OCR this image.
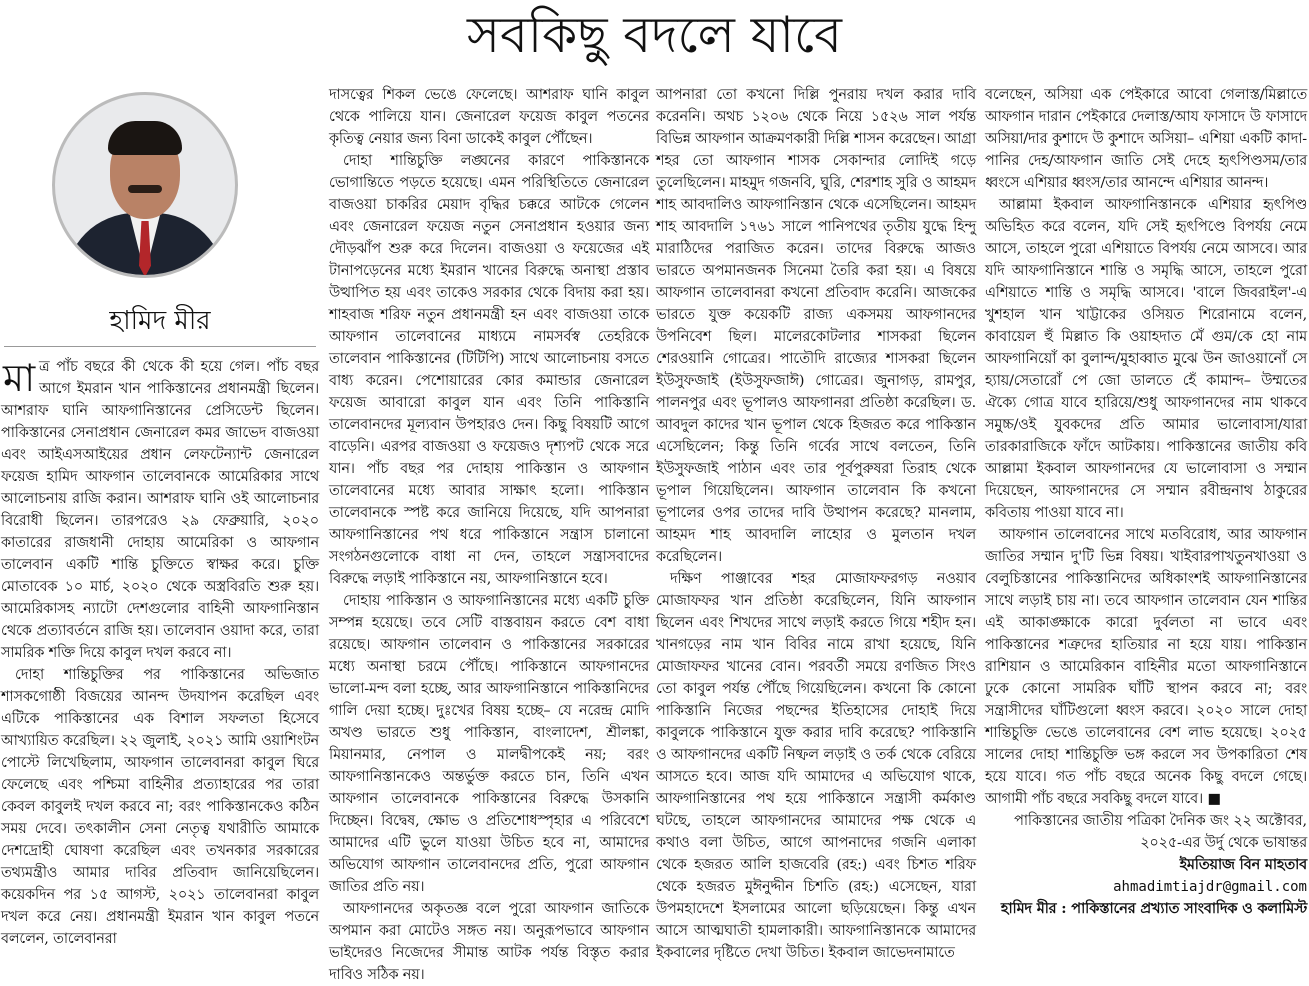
সবকিছু বদলে যাবে
হামিদ মীর

মাত্র পাঁচ বছরে কী থেকে কী হয়ে গেল। পাঁচ বছর আগে ইমরান খান পাকিস্তানের প্রধানমন্ত্রী ছিলেন। আশরাফ ঘানি আফগানিস্তানের প্রেসিডেন্ট ছিলেন। পাকিস্তানের সেনাপ্রধান জেনারেল কমর জাভেদ বাজওয়া এবং আইএসআইয়ের প্রধান লেফটেন্যান্ট জেনারেল ফয়েজ হামিদ আফগান তালেবানকে আমেরিকার সাথে আলোচনায় রাজি করান। আশরাফ ঘানি ওই আলোচনার বিরোধী ছিলেন। তারপরেও ২৯ ফেব্রুয়ারি, ২০২০ কাতারের রাজধানী দোহায় আমেরিকা ও আফগান তালেবান একটি শান্তি চুক্তিতে স্বাক্ষর করে। চুক্তি মোতাবেক ১০ মার্চ, ২০২০ থেকে অস্ত্রবিরতি শুরু হয়। আমেরিকাসহ ন্যাটো দেশগুলোর বাহিনী আফগানিস্তান থেকে প্রত্যাবর্তনে রাজি হয়। তালেবান ওয়াদা করে, তারা সামরিক শক্তি দিয়ে কাবুল দখল করবে না।

দোহা শান্তিচুক্তির পর পাকিস্তানের অভিজাত শাসকগোষ্ঠী বিজয়ের আনন্দ উদযাপন করেছিল এবং এটিকে পাকিস্তানের এক বিশাল সফলতা হিসেবে আখ্যায়িত করেছিল। ২২ জুলাই, ২০২১ আমি ওয়াশিংটন পোস্টে লিখেছিলাম, আফগান তালেবানরা কাবুল ঘিরে ফেলেছে এবং পশ্চিমা বাহিনীর প্রত্যাহারের পর তারা কেবল কাবুলই দখল করবে না; বরং পাকিস্তানকেও কঠিন সময় দেবে। তৎকালীন সেনা নেতৃত্ব যথারীতি আমাকে দেশদ্রোহী ঘোষণা করেছিল এবং তখনকার সরকারের তথ্যমন্ত্রীও আমার দাবির প্রতিবাদ জানিয়েছিলেন। কয়েকদিন পর ১৫ আগস্ট, ২০২১ তালেবানরা কাবুল দখল করে নেয়। প্রধানমন্ত্রী ইমরান খান কাবুল পতনে বললেন, তালেবানরা

দাসত্বের শিকল ভেঙে ফেলেছে। আশরাফ ঘানি কাবুল থেকে পালিয়ে যান। জেনারেল ফয়েজ কাবুল পতনের কৃতিত্ব নেয়ার জন্য বিনা ডাকেই কাবুল পৌঁছেন।

দোহা শান্তিচুক্তি লঙ্ঘনের কারণে পাকিস্তানকে ভোগান্তিতে পড়তে হয়েছে। এমন পরিস্থিতিতে জেনারেল বাজওয়া চাকরির মেয়াদ বৃদ্ধির চক্করে আটকে গেলেন এবং জেনারেল ফয়েজ নতুন সেনাপ্রধান হওয়ার জন্য দৌড়ঝাঁপ শুরু করে দিলেন। বাজওয়া ও ফয়েজের এই টানাপড়েনের মধ্যে ইমরান খানের বিরুদ্ধে অনাস্থা প্রস্তাব উত্থাপিত হয় এবং তাকেও সরকার থেকে বিদায় করা হয়। শাহবাজ শরিফ নতুন প্রধানমন্ত্রী হন এবং বাজওয়া তাকে আফগান তালেবানের মাধ্যমে নামসর্বস্ব তেহরিকে তালেবান পাকিস্তানের (টিটিপি) সাথে আলোচনায় বসতে বাধ্য করেন। পেশোয়ারের কোর কমান্ডার জেনারেল ফয়েজ আবারো কাবুল যান এবং তিনি পাকিস্তানি তালেবানদের মূল্যবান উপহারও দেন। কিছু বিষয়টি আগে বাড়েনি। এরপর বাজওয়া ও ফয়েজও দৃশ্যপট থেকে সরে যান। পাঁচ বছর পর দোহায় পাকিস্তান ও আফগান তালেবানের মধ্যে আবার সাক্ষাৎ হলো। পাকিস্তান তালেবানকে স্পষ্ট করে জানিয়ে দিয়েছে, যদি আপনারা আফগানিস্তানের পথ ধরে পাকিস্তানে সন্ত্রাস চালানো সংগঠনগুলোকে বাধা না দেন, তাহলে সন্ত্রাসবাদের বিরুদ্ধে লড়াই পাকিস্তানে নয়, আফগানিস্তানে হবে।

দোহায় পাকিস্তান ও আফগানিস্তানের মধ্যে একটি চুক্তি সম্পন্ন হয়েছে। তবে সেটি বাস্তবায়ন করতে বেশ বাধা রয়েছে। আফগান তালেবান ও পাকিস্তানের সরকারের মধ্যে অনাস্থা চরমে পৌঁছে। পাকিস্তানে আফগানদের ভালো-মন্দ বলা হচ্ছে, আর আফগানিস্তানে পাকিস্তানিদের গালি দেয়া হচ্ছে। দুঃখের বিষয় হচ্ছে– যে নরেন্দ্র মোদি অখণ্ড ভারতে শুধু পাকিস্তান, বাংলাদেশ, শ্রীলঙ্কা, মিয়ানমার, নেপাল ও মালদ্বীপকেই নয়; বরং আফগানিস্তানকেও অন্তর্ভুক্ত করতে চান, তিনি এখন আফগান তালেবানকে পাকিস্তানের বিরুদ্ধে উসকানি দিচ্ছেন। বিদ্বেষ, ক্ষোভ ও প্রতিশোধস্পৃহার এ পরিবেশে আমাদের এটি ভুলে যাওয়া উচিত হবে না, আমাদের অভিযোগ আফগান তালেবানদের প্রতি, পুরো আফগান জাতির প্রতি নয়।

আফগানদের অকৃতজ্ঞ বলে পুরো আফগান জাতিকে অপমান করা মোটেও সঙ্গত নয়। অনুরূপভাবে আফগান ভাইদেরও নিজেদের সীমান্ত আটক পর্যন্ত বিস্তৃত করার দাবিও সঠিক নয়।

আপনারা তো কখনো দিল্লি পুনরায় দখল করার দাবি করেননি। অথচ ১২০৬ থেকে নিয়ে ১৫২৬ সাল পর্যন্ত বিভিন্ন আফগান আক্রমণকারী দিল্লি শাসন করেছেন। আগ্রা শহর তো আফগান শাসক সেকান্দার লোদিই গড়ে তুলেছিলেন। মাহমুদ গজনবি, ঘুরি, শেরশাহ সুরি ও আহমদ শাহ আবদালিও আফগানিস্তান থেকে এসেছিলেন। আহমদ শাহ আবদালি ১৭৬১ সালে পানিপথের তৃতীয় যুদ্ধে হিন্দু মারাঠিদের পরাজিত করেন। তাদের বিরুদ্ধে আজও ভারতে অপমানজনক সিনেমা তৈরি করা হয়। এ বিষয়ে আফগান তালেবানরা কখনো প্রতিবাদ করেনি। আজকের ভারতে যুক্ত কয়েকটি রাজ্য একসময় আফগানদের উপনিবেশ ছিল। মালেরকোটলার শাসকরা ছিলেন শেরওয়ানি গোত্রের। পাতৌদি রাজ্যের শাসকরা ছিলেন ইউসুফজাই (ইউসুফজাঈ) গোত্রের। জুনাগড়, রামপুর, পালনপুর এবং ভূপালও আফগানরা প্রতিষ্ঠা করেছিল। ড. আবদুল কাদের খান ভূপাল থেকে হিজরত করে পাকিস্তান এসেছিলেন; কিন্তু তিনি গর্বের সাথে বলতেন, তিনি ইউসুফজাই পাঠান এবং তার পূর্বপুরুষরা তিরাহ থেকে ভূপাল গিয়েছিলেন। আফগান তালেবান কি কখনো ভূপালের ওপর তাদের দাবি উত্থাপন করেছে? মানলাম, আহমদ শাহ আবদালি লাহোর ও মুলতান দখল করেছিলেন।

দক্ষিণ পাঞ্জাবের শহর মোজাফফরগড় নওয়াব মোজাফফর খান প্রতিষ্ঠা করেছিলেন, যিনি আফগান ছিলেন এবং শিখদের সাথে লড়াই করতে গিয়ে শহীদ হন। খানগড়ের নাম খান বিবির নামে রাখা হয়েছে, যিনি মোজাফফর খানের বোন। পরবর্তী সময়ে রণজিত সিংও তো কাবুল পর্যন্ত পৌঁছে গিয়েছিলেন। কখনো কি কোনো পাকিস্তানি নিজের পছন্দের ইতিহাসের দোহাই দিয়ে কাবুলকে পাকিস্তানে যুক্ত করার দাবি করেছে? পাকিস্তানি ও আফগানদের একটি নিষ্ফল লড়াই ও তর্ক থেকে বেরিয়ে আসতে হবে। আজ যদি আমাদের এ অভিযোগ থাকে, আফগানিস্তানের পথ হয়ে পাকিস্তানে সন্ত্রাসী কর্মকাণ্ড ঘটছে, তাহলে আফগানদের আমাদের পক্ষ থেকে এ কথাও বলা উচিত, আগে আপনাদের গজনি এলাকা থেকে হজরত আলি হাজবেরি (রহ:) এবং চিশত শরিফ থেকে হজরত মুঈনুদ্দীন চিশতি (রহ:) এসেছেন, যারা উপমহাদেশে ইসলামের আলো ছড়িয়েছেন। কিন্তু এখন আসে আত্মঘাতী হামলাকারী। আফগানিস্তানকে আমাদের ইকবালের দৃষ্টিতে দেখা উচিত। ইকবাল জাভেদনামাতে

বলেছেন, অসিয়া এক পেইকারে আবো গেলাস্ত/মিল্লাতে আফগান দারান পেইকারে দেলাস্ত/আয ফাসাদে উ ফাসাদে অসিয়া/দার কুশাদে উ কুশাদে অসিয়া– এশিয়া একটি কাদা-পানির দেহ/আফগান জাতি সেই দেহে হৃৎপিণ্ডসম/তার ধ্বংসে এশিয়ার ধ্বংস/তার আনন্দে এশিয়ার আনন্দ।

আল্লামা ইকবাল আফগানিস্তানকে এশিয়ার হৃৎপিণ্ড অভিহিত করে বলেন, যদি সেই হৃৎপিণ্ডে বিপর্যয় নেমে আসে, তাহলে পুরো এশিয়াতে বিপর্যয় নেমে আসবে। আর যদি আফগানিস্তানে শান্তি ও সমৃদ্ধি আসে, তাহলে পুরো এশিয়াতে শান্তি ও সমৃদ্ধি আসবে। 'বালে জিবরাইল'-এ খুশহাল খান খাট্টাকের ওসিয়ত শিরোনামে বলেন, কাবায়েল হুঁ মিল্লাত কি ওয়াহদাত মেঁ গুম/কে হো নাম আফগানিয়োঁ কা বুলান্দ/মুহাব্বাত মুঝে উন জাওয়ানোঁ সে হ্যায়/সেতারোঁ পে জো ডালতে হেঁ কামান্দ– উম্মতের ঐক্যে গোত্র যাবে হারিয়ে/শুধু আফগানদের নাম থাকবে সমুচ্চ/ওই যুবকদের প্রতি আমার ভালোবাসা/যারা তারকারাজিকে ফাঁদে আটকায়। পাকিস্তানের জাতীয় কবি আল্লামা ইকবাল আফগানদের যে ভালোবাসা ও সম্মান দিয়েছেন, আফগানদের সে সম্মান রবীন্দ্রনাথ ঠাকুরের কবিতায় পাওয়া যাবে না।

আফগান তালেবানের সাথে মতবিরোধ, আর আফগান জাতির সম্মান দু'টি ভিন্ন বিষয়। খাইবারপাখতুনখাওয়া ও বেলুচিস্তানের পাকিস্তানিদের অধিকাংশই আফগানিস্তানের সাথে লড়াই চায় না। তবে আফগান তালেবান যেন শান্তির এই আকাঙ্ক্ষাকে কারো দুর্বলতা না ভাবে এবং পাকিস্তানের শত্রুদের হাতিয়ার না হয়ে যায়। পাকিস্তান রাশিয়ান ও আমেরিকান বাহিনীর মতো আফগানিস্তানে ঢুকে কোনো সামরিক ঘাঁটি স্থাপন করবে না; বরং সন্ত্রাসীদের ঘাঁটিগুলো ধ্বংস করবে। ২০২০ সালে দোহা শান্তিচুক্তি ভেঙে তালেবানের বেশ লাভ হয়েছে। ২০২৫ সালের দোহা শান্তিচুক্তি ভঙ্গ করলে সব উপকারিতা শেষ হয়ে যাবে। গত পাঁচ বছরে অনেক কিছু বদলে গেছে। আগামী পাঁচ বছরে সবকিছু বদলে যাবে। ■

পাকিস্তানের জাতীয় পত্রিকা দৈনিক জং ২২ অক্টোবর, ২০২৫-এর উর্দু থেকে ভাষান্তর

ইমতিয়াজ বিন মাহতাব

ahmadimtiajdr@gmail.com

হামিদ মীর : পাকিস্তানের প্রখ্যাত সাংবাদিক ও কলামিস্ট
